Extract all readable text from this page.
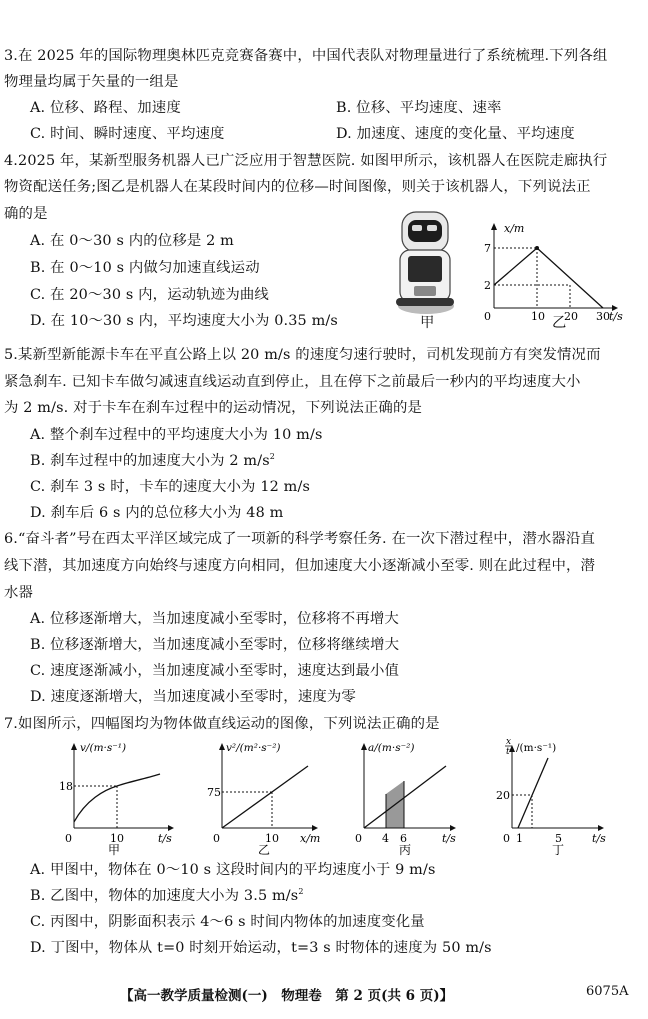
3.在 2025 年的国际物理奥林匹克竞赛备赛中，中国代表队对物理量进行了系统梳理.下列各组
物理量均属于矢量的一组是
A. 位移、路程、加速度	B. 位移、平均速度、速率
C. 时间、瞬时速度、平均速度	D. 加速度、速度的变化量、平均速度
4.2025 年，某新型服务机器人已广泛应用于智慧医院. 如图甲所示，该机器人在医院走廊执行
物资配送任务;图乙是机器人在某段时间内的位移—时间图像，则关于该机器人，下列说法正
确的是
A. 在 0～30 s 内的位移是 2 m
B. 在 0～10 s 内做匀加速直线运动
C. 在 20～30 s 内，运动轨迹为曲线
D. 在 10～30 s 内，平均速度大小为 0.35 m/s	甲
x/m
7
2
0	10 20 30 t/s
乙
5.某新型新能源卡车在平直公路上以 20 m/s 的速度匀速行驶时，司机发现前方有突发情况而
紧急刹车. 已知卡车做匀减速直线运动直到停止，且在停下之前最后一秒内的平均速度大小
为 2 m/s. 对于卡车在刹车过程中的运动情况，下列说法正确的是
A. 整个刹车过程中的平均速度大小为 10 m/s
B. 刹车过程中的加速度大小为 2 $m/s^2$
C. 刹车 3 s 时，卡车的速度大小为 12 m/s
D. 刹车后 6 s 内的总位移大小为 48 m
6.“奋斗者”号在西太平洋区域完成了一项新的科学考察任务. 在一次下潜过程中，潜水器沿直
线下潜，其加速度方向始终与速度方向相同，但加速度大小逐渐减小至零. 则在此过程中，潜
水器
A. 位移逐渐增大，当加速度减小至零时，位移将不再增大
B. 位移逐渐增大，当加速度减小至零时，位移将继续增大
C. 速度逐渐减小，当加速度减小至零时，速度达到最小值
D. 速度逐渐增大，当加速度减小至零时，速度为零
7.如图所示，四幅图均为物体做直线运动的图像，下列说法正确的是
v/(m·s⁻¹)
18
0	10	t/s
甲
v²/(m²·s⁻²)
75
0	10 x/m
乙
a/(m·s⁻²)
0 4 6	t/s
丙
x
t /(m·s⁻¹)
20
0 1	5	t/s
丁
A. 甲图中，物体在 0～10 s 这段时间内的平均速度小于 9 m/s
B. 乙图中，物体的加速度大小为 3.5 $m/s^2$
C. 丙图中，阴影面积表示 4～6 s 时间内物体的加速度变化量
D. 丁图中，物体从 t=0 时刻开始运动，t=3 s 时物体的速度为 50 m/s
【高一教学质量检测(一)　物理卷　第 2 页(共 6 页)】	6075A
